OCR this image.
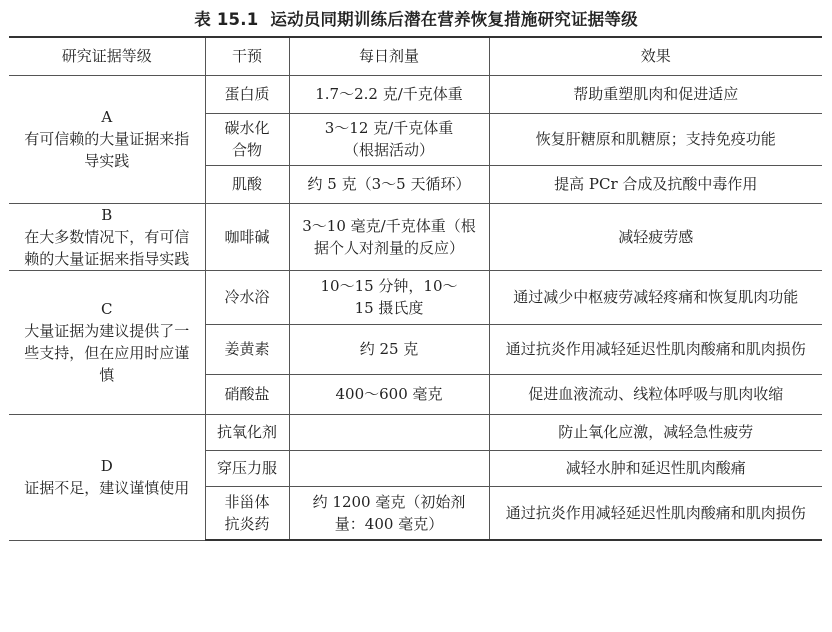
表 15.1 运动员同期训练后潜在营养恢复措施研究证据等级
研究证据等级	干预	每日剂量	效果

A
有可信赖的大量证据来指导实践	蛋白质	1.7～2.2 克/千克体重	帮助重塑肌肉和促进适应
	碳水化合物	3～12 克/千克体重（根据活动）	恢复肝糖原和肌糖原；支持免疫功能
	肌酸	约 5 克（3～5 天循环）	提高 PCr 合成及抗酸中毒作用

B
在大多数情况下，有可信赖的大量证据来指导实践	咖啡碱	3～10 毫克/千克体重（根据个人对剂量的反应）	减轻疲劳感

C
大量证据为建议提供了一些支持，但在应用时应谨慎	冷水浴	10～15 分钟，10～15 摄氏度	通过减少中枢疲劳减轻疼痛和恢复肌肉功能
	姜黄素	约 25 克	通过抗炎作用减轻延迟性肌肉酸痛和肌肉损伤
	硝酸盐	400～600 毫克	促进血液流动、线粒体呼吸与肌肉收缩

D
证据不足，建议谨慎使用	抗氧化剂		防止氧化应激，减轻急性疲劳
	穿压力服		减轻水肿和延迟性肌肉酸痛
	非甾体抗炎药	约 1200 毫克（初始剂量：400 毫克）	通过抗炎作用减轻延迟性肌肉酸痛和肌肉损伤
